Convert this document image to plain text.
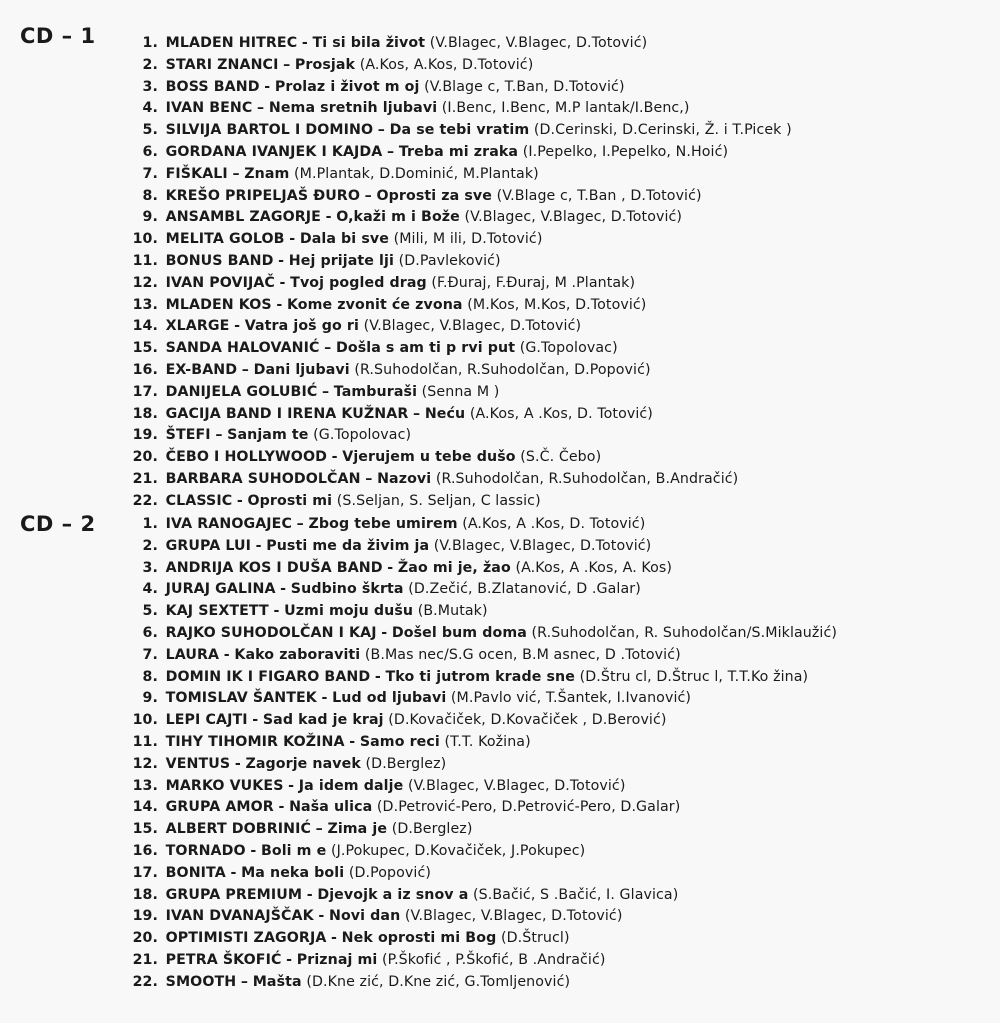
CD – 1	1. MLADEN HITREC - Ti si bila život (V.Blagec, V.Blagec, D.Totović)
2. STARI ZNANCI – Prosjak (A.Kos, A.Kos, D.Totović)
3. BOSS BAND - Prolaz i život m oj (V.Blage c, T.Ban, D.Totović)
4. IVAN BENC – Nema sretnih ljubavi (I.Benc, I.Benc, M.P lantak/I.Benc,)
5. SILVIJA BARTOL I DOMINO – Da se tebi vratim (D.Cerinski, D.Cerinski, Ž. i T.Picek )
6. GORDANA IVANJEK I KAJDA – Treba mi zraka (I.Pepelko, I.Pepelko, N.Hoić)
7. FIŠKALI – Znam (M.Plantak, D.Dominić, M.Plantak)
8. KREŠO PRIPELJAŠ ĐURO – Oprosti za sve (V.Blage c, T.Ban , D.Totović)
9. ANSAMBL ZAGORJE - O,kaži m i Bože (V.Blagec, V.Blagec, D.Totović)
10. MELITA GOLOB - Dala bi sve (Mili, M ili, D.Totović)
11. BONUS BAND - Hej prijate lji (D.Pavleković)
12. IVAN POVIJAČ - Tvoj pogled drag (F.Đuraj, F.Đuraj, M .Plantak)
13. MLADEN KOS - Kome zvonit će zvona (M.Kos, M.Kos, D.Totović)
14. XLARGE - Vatra još go ri (V.Blagec, V.Blagec, D.Totović)
15. SANDA HALOVANIĆ – Došla s am ti p rvi put (G.Topolovac)
16. EX-BAND – Dani ljubavi (R.Suhodolčan, R.Suhodolčan, D.Popović)
17. DANIJELA GOLUBIĆ – Tamburaši (Senna M )
18. GACIJA BAND I IRENA KUŽNAR – Neću (A.Kos, A .Kos, D. Totović)
19. ŠTEFI – Sanjam te (G.Topolovac)
20. ČEBO I HOLLYWOOD - Vjerujem u tebe dušo (S.Č. Čebo)
21. BARBARA SUHODOLČAN – Nazovi (R.Suhodolčan, R.Suhodolčan, B.Andračić)
22. CLASSIC - Oprosti mi (S.Seljan, S. Seljan, C lassic)
CD – 2	1. IVA RANOGAJEC – Zbog tebe umirem (A.Kos, A .Kos, D. Totović)
2. GRUPA LUI - Pusti me da živim ja (V.Blagec, V.Blagec, D.Totović)
3. ANDRIJA KOS I DUŠA BAND - Žao mi je, žao (A.Kos, A .Kos, A. Kos)
4. JURAJ GALINA - Sudbino škrta (D.Zečić, B.Zlatanović, D .Galar)
5. KAJ SEXTETT - Uzmi moju dušu (B.Mutak)
6. RAJKO SUHODOLČAN I KAJ - Došel bum doma (R.Suhodolčan, R. Suhodolčan/S.Miklaužić)
7. LAURA - Kako zaboraviti (B.Mas nec/S.G ocen, B.M asnec, D .Totović)
8. DOMIN IK I FIGARO BAND - Tko ti jutrom krade sne (D.Štru cl, D.Štruc l, T.T.Ko žina)
9. TOMISLAV ŠANTEK - Lud od ljubavi (M.Pavlo vić, T.Šantek, I.Ivanović)
10. LEPI CAJTI - Sad kad je kraj (D.Kovačiček, D.Kovačiček , D.Berović)
11. TIHY TIHOMIR KOŽINA - Samo reci (T.T. Kožina)
12. VENTUS - Zagorje navek (D.Berglez)
13. MARKO VUKES - Ja idem dalje (V.Blagec, V.Blagec, D.Totović)
14. GRUPA AMOR - Naša ulica (D.Petrović-Pero, D.Petrović-Pero, D.Galar)
15. ALBERT DOBRINIĆ – Zima je (D.Berglez)
16. TORNADO - Boli m e (J.Pokupec, D.Kovačiček, J.Pokupec)
17. BONITA - Ma neka boli (D.Popović)
18. GRUPA PREMIUM - Djevojk a iz snov a (S.Bačić, S .Bačić, I. Glavica)
19. IVAN DVANAJŠČAK - Novi dan (V.Blagec, V.Blagec, D.Totović)
20. OPTIMISTI ZAGORJA - Nek oprosti mi Bog (D.Štrucl)
21. PETRA ŠKOFIĆ - Priznaj mi (P.Škofić , P.Škofić, B .Andračić)
22. SMOOTH – Mašta (D.Kne zić, D.Kne zić, G.Tomljenović)
